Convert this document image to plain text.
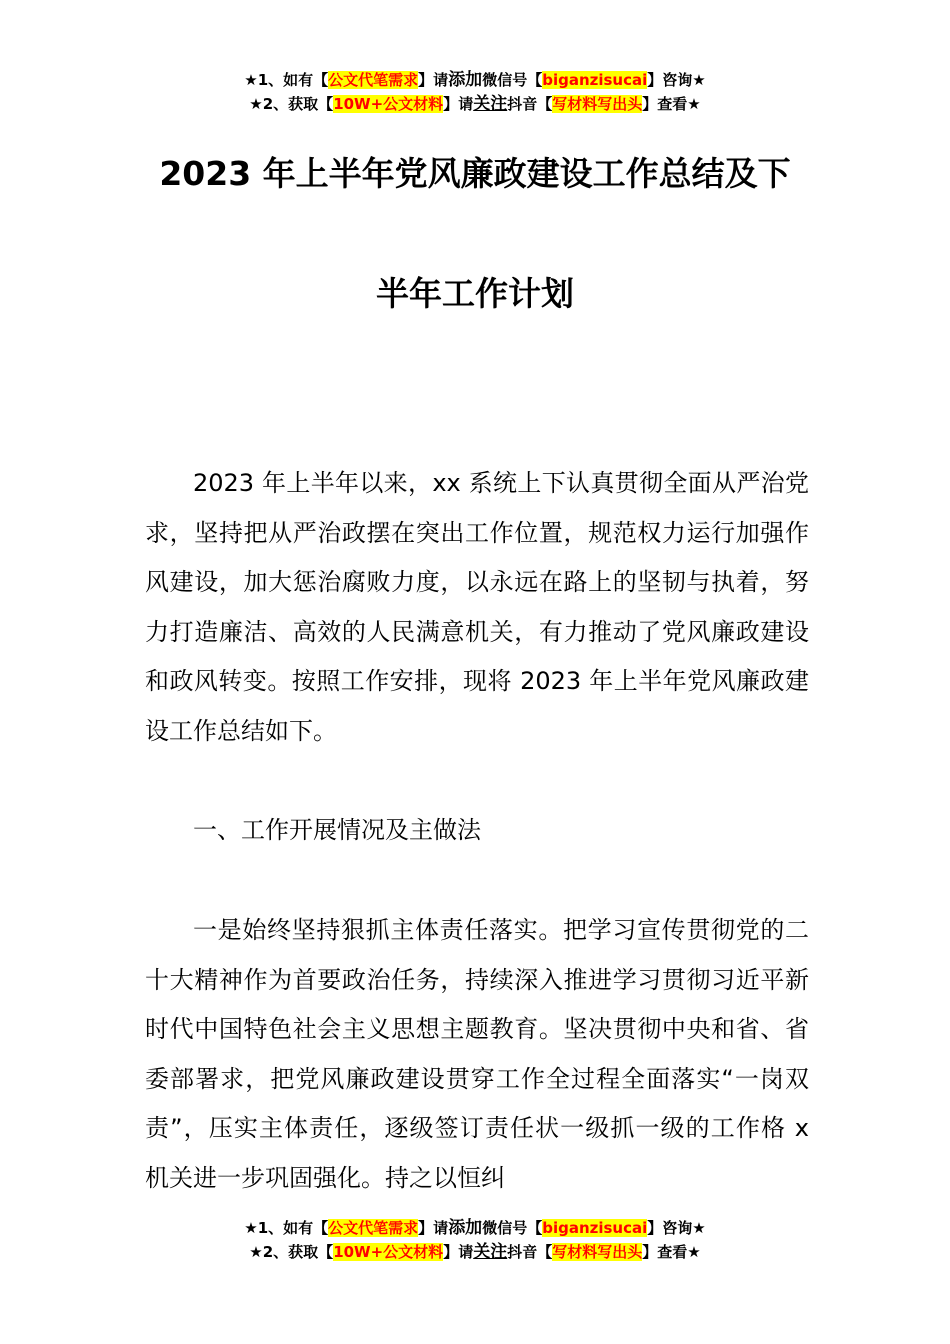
★1、如有【公文代笔需求】请添加微信号【biganzisucai】咨询★
★2、获取【10W+公文材料】请关注抖音【写材料写出头】查看★
2023 年上半年党风廉政建设工作总结及下
半年工作计划

2023 年上半年以来，xx 系统上下认真贯彻全面从严治党求，坚持把从严治政摆在突出工作位置，规范权力运行加强作风建设，加大惩治腐败力度，以永远在路上的坚韧与执着，努力打造廉洁、高效的人民满意机关，有力推动了党风廉政建设和政风转变。按照工作安排，现将 2023 年上半年党风廉政建设工作总结如下。

一、工作开展情况及主做法

一是始终坚持狠抓主体责任落实。把学习宣传贯彻党的二十大精神作为首要政治任务，持续深入推进学习贯彻习近平新时代中国特色社会主义思想主题教育。坚决贯彻中央和省、省委部署求，把党风廉政建设贯穿工作全过程全面落实“一岗双责”，压实主体责任，逐级签订责任状一级抓一级的工作格 x 机关进一步巩固强化。持之以恒纠

★1、如有【公文代笔需求】请添加微信号【biganzisucai】咨询★
★2、获取【10W+公文材料】请关注抖音【写材料写出头】查看★
